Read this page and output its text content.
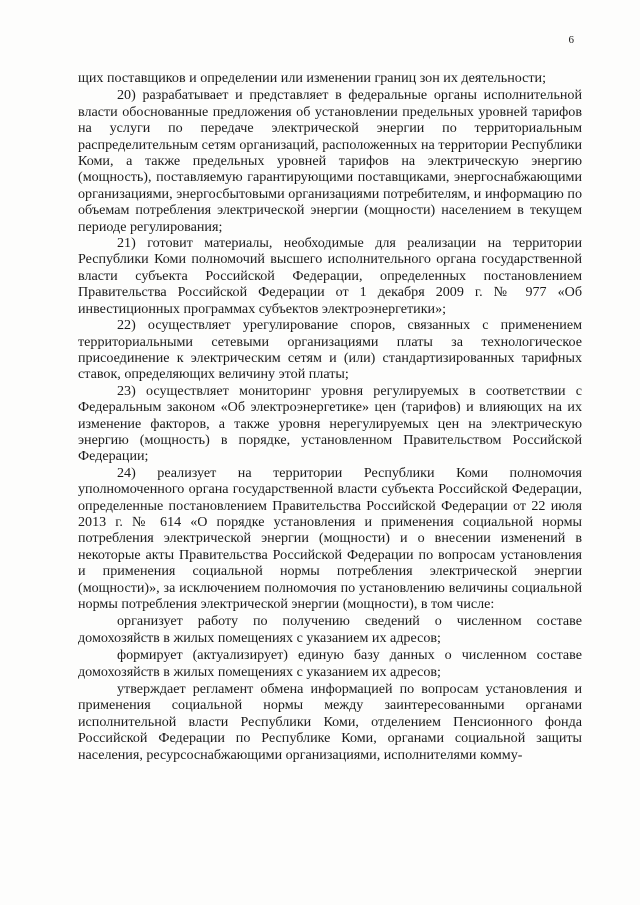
6

щих поставщиков и определении или изменении границ зон их деятельности;

20) разрабатывает и представляет в федеральные органы исполнительной власти обоснованные предложения об установлении предельных уровней тарифов на услуги по передаче электрической энергии по территориальным распределительным сетям организаций, расположенных на территории Республики Коми, а также предельных уровней тарифов на электрическую энергию (мощность), поставляемую гарантирующими поставщиками, энергоснабжающими организациями, энергосбытовыми организациями потребителям, и информацию по объемам потребления электрической энергии (мощности) населением в текущем периоде регулирования;

21) готовит материалы, необходимые для реализации на территории Республики Коми полномочий высшего исполнительного органа государственной власти субъекта Российской Федерации, определенных постановлением Правительства Российской Федерации от 1 декабря 2009 г. № 977 «Об инвестиционных программах субъектов электроэнергетики»;

22) осуществляет урегулирование споров, связанных с применением территориальными сетевыми организациями платы за технологическое присоединение к электрическим сетям и (или) стандартизированных тарифных ставок, определяющих величину этой платы;

23) осуществляет мониторинг уровня регулируемых в соответствии с Федеральным законом «Об электроэнергетике» цен (тарифов) и влияющих на их изменение факторов, а также уровня нерегулируемых цен на электрическую энергию (мощность) в порядке, установленном Правительством Российской Федерации;

24) реализует на территории Республики Коми полномочия уполномоченного органа государственной власти субъекта Российской Федерации, определенные постановлением Правительства Российской Федерации от 22 июля 2013 г. № 614 «О порядке установления и применения социальной нормы потребления электрической энергии (мощности) и о внесении изменений в некоторые акты Правительства Российской Федерации по вопросам установления и применения социальной нормы потребления электрической энергии (мощности)», за исключением полномочия по установлению величины социальной нормы потребления электрической энергии (мощности), в том числе:

организует работу по получению сведений о численном составе домохозяйств в жилых помещениях с указанием их адресов;

формирует (актуализирует) единую базу данных о численном составе домохозяйств в жилых помещениях с указанием их адресов;

утверждает регламент обмена информацией по вопросам установления и применения социальной нормы между заинтересованными органами исполнительной власти Республики Коми, отделением Пенсионного фонда Российской Федерации по Республике Коми, органами социальной защиты населения, ресурсоснабжающими организациями, исполнителями комму-
